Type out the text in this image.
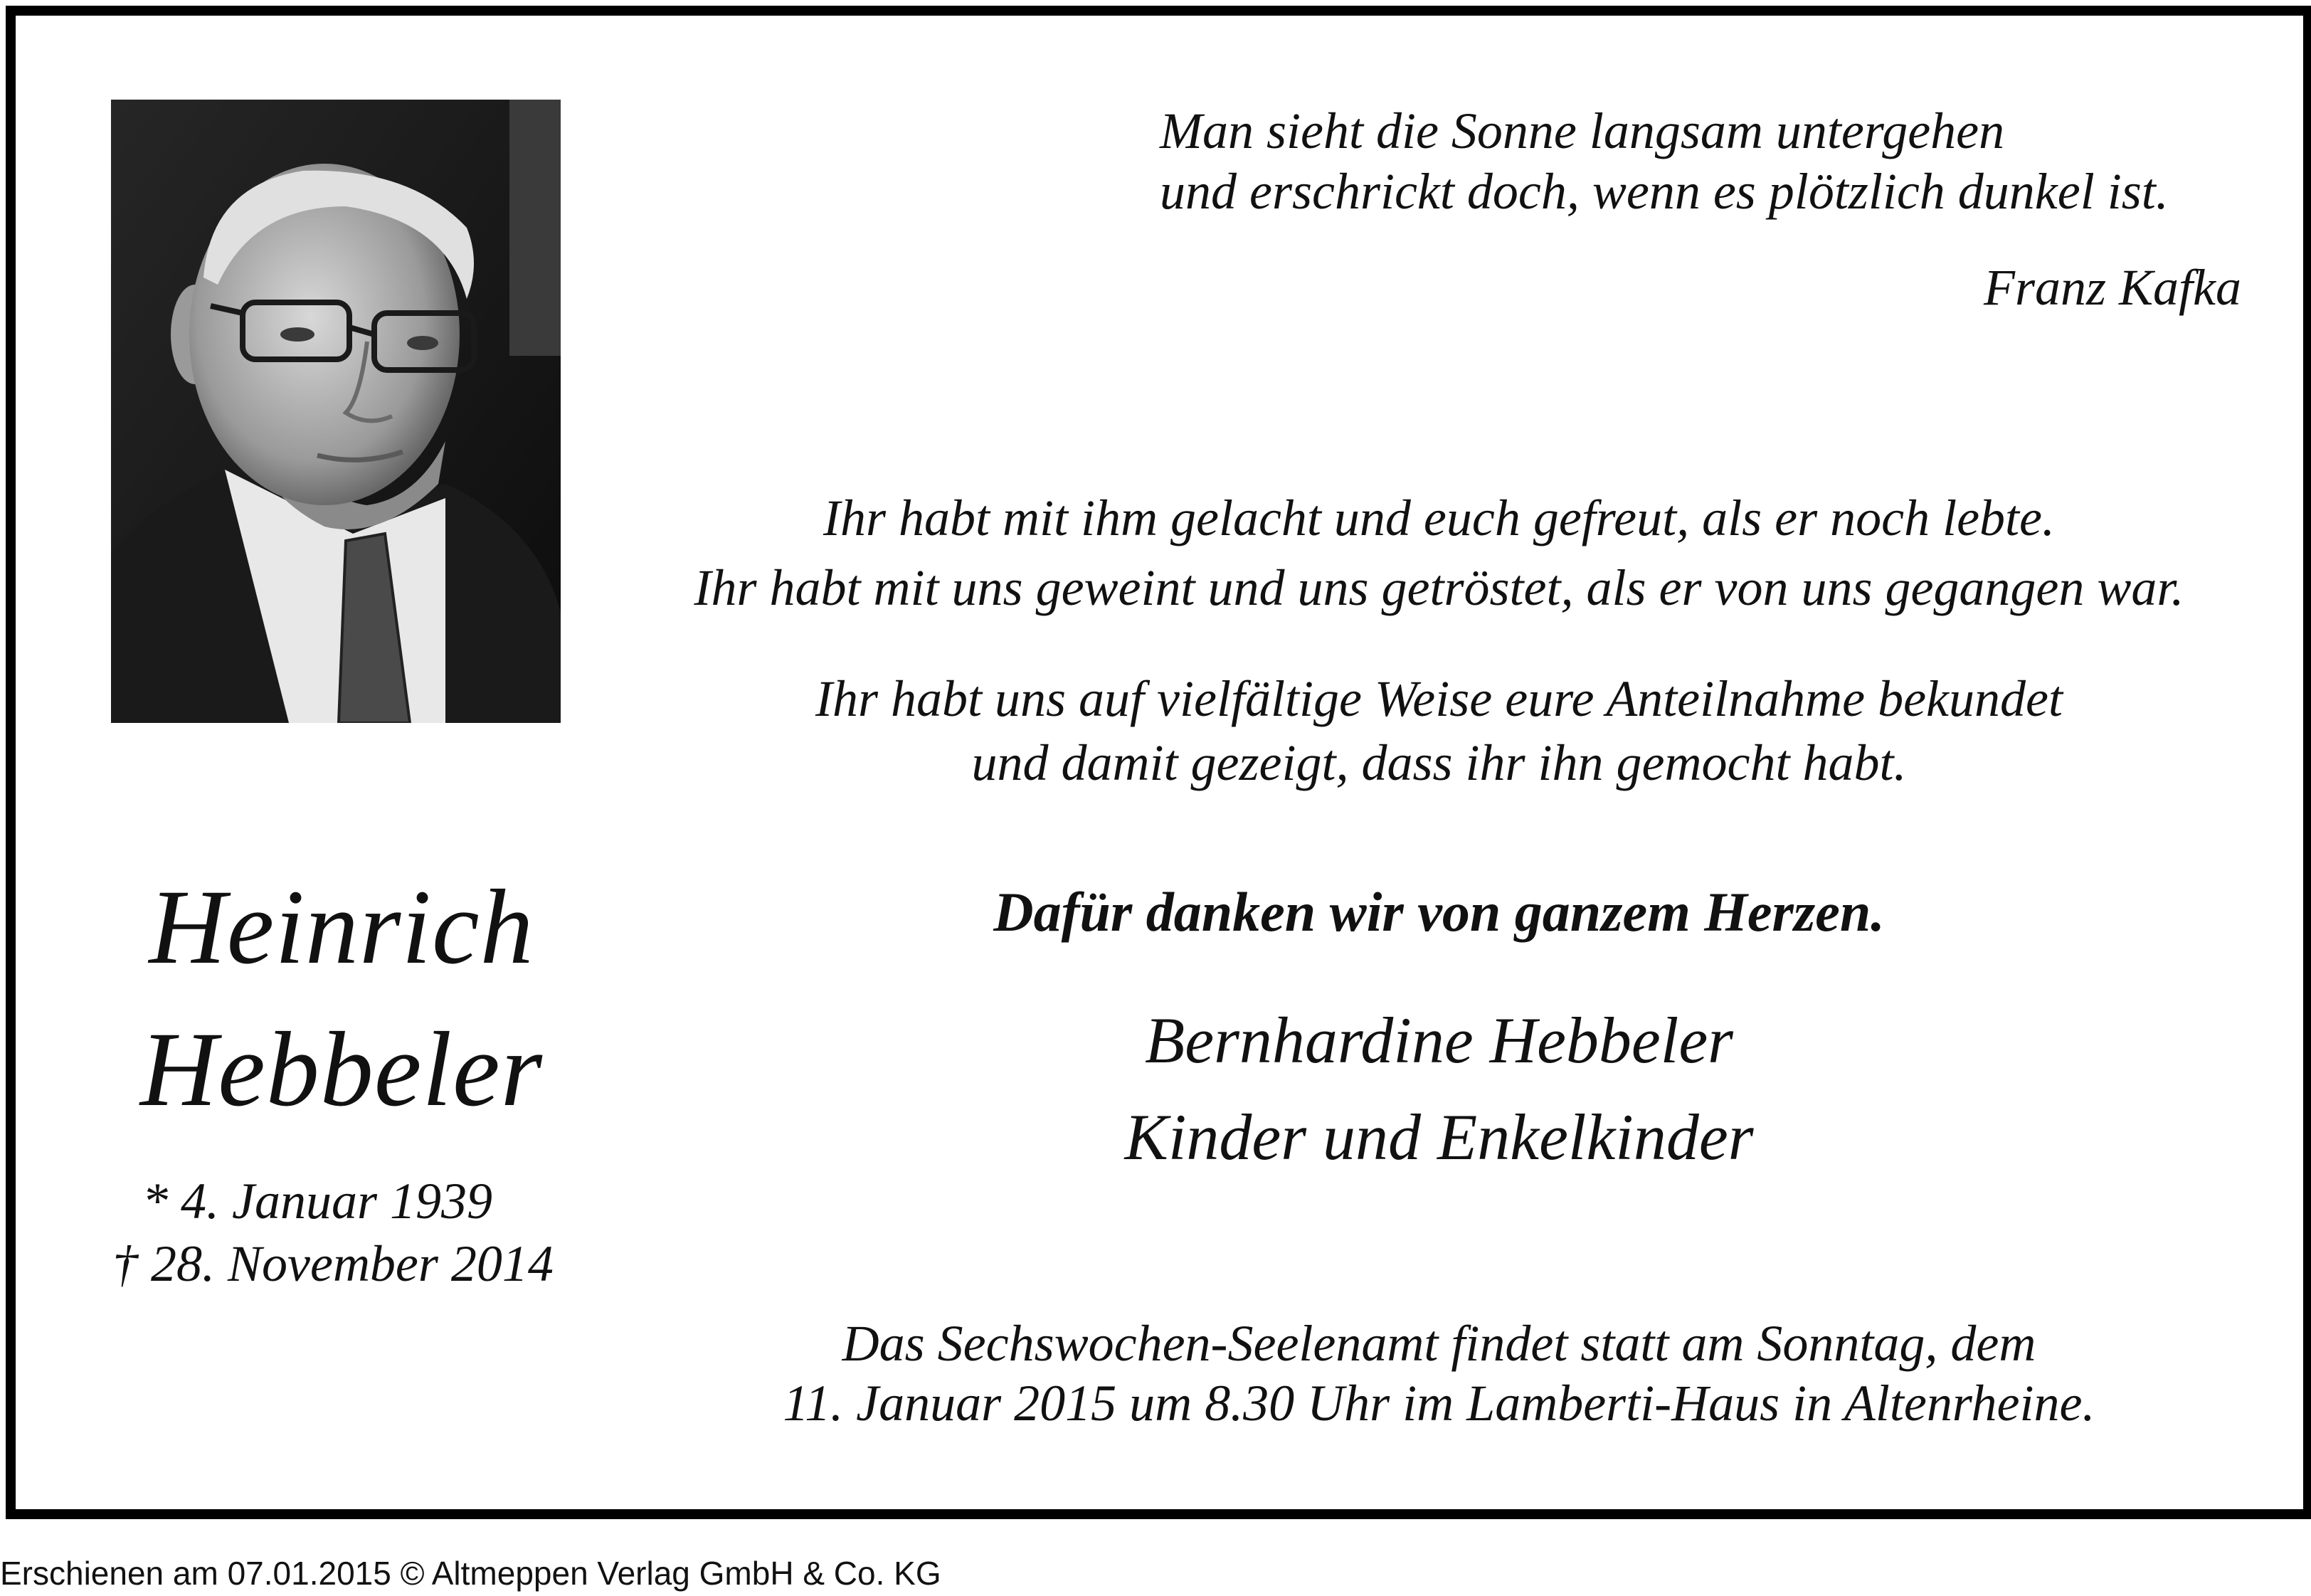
Man sieht die Sonne langsam untergehen
und erschrickt doch, wenn es plötzlich dunkel ist.
Franz Kafka
Ihr habt mit ihm gelacht und euch gefreut, als er noch lebte.
Ihr habt mit uns geweint und uns getröstet, als er von uns gegangen war.
Ihr habt uns auf vielfältige Weise eure Anteilnahme bekundet
und damit gezeigt, dass ihr ihn gemocht habt.
Dafür danken wir von ganzem Herzen.
Bernhardine Hebbeler
Kinder und Enkelkinder
Das Sechswochen-Seelenamt findet statt am Sonntag, dem
11. Januar 2015 um 8.30 Uhr im Lamberti-Haus in Altenrheine.
Heinrich
Hebbeler
* 4. Januar 1939
† 28. November 2014
Erschienen am 07.01.2015 © Altmeppen Verlag GmbH & Co. KG
